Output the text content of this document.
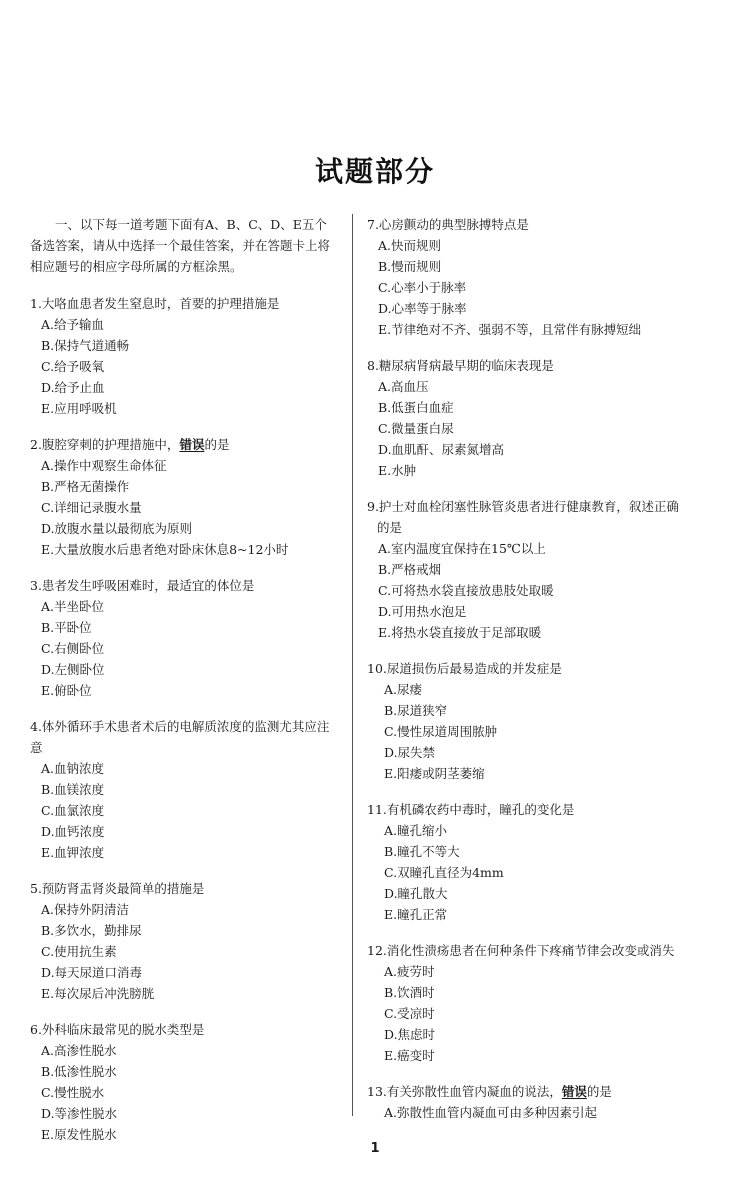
试题部分

一、以下每一道考题下面有A、B、C、D、E五个备选答案，请从中选择一个最佳答案，并在答题卡上将相应题号的相应字母所属的方框涂黑。

1.大咯血患者发生窒息时，首要的护理措施是
A.给予输血
B.保持气道通畅
C.给予吸氧
D.给予止血
E.应用呼吸机
2.腹腔穿刺的护理措施中，错误的是
A.操作中观察生命体征
B.严格无菌操作
C.详细记录腹水量
D.放腹水量以最彻底为原则
E.大量放腹水后患者绝对卧床休息8~12小时
3.患者发生呼吸困难时，最适宜的体位是
A.半坐卧位
B.平卧位
C.右侧卧位
D.左侧卧位
E.俯卧位
4.体外循环手术患者术后的电解质浓度的监测尤其应注意
A.血钠浓度
B.血镁浓度
C.血氯浓度
D.血钙浓度
E.血钾浓度
5.预防肾盂肾炎最简单的措施是
A.保持外阴清洁
B.多饮水，勤排尿
C.使用抗生素
D.每天尿道口消毒
E.每次尿后冲洗膀胱
6.外科临床最常见的脱水类型是
A.高渗性脱水
B.低渗性脱水
C.慢性脱水
D.等渗性脱水
E.原发性脱水
7.心房颤动的典型脉搏特点是
A.快而规则
B.慢而规则
C.心率小于脉率
D.心率等于脉率
E.节律绝对不齐、强弱不等，且常伴有脉搏短绌
8.糖尿病肾病最早期的临床表现是
A.高血压
B.低蛋白血症
C.微量蛋白尿
D.血肌酐、尿素氮增高
E.水肿
9.护士对血栓闭塞性脉管炎患者进行健康教育，叙述正确
的是
A.室内温度宜保持在15℃以上
B.严格戒烟
C.可将热水袋直接放患肢处取暖
D.可用热水泡足
E.将热水袋直接放于足部取暖
10.尿道损伤后最易造成的并发症是
A.尿瘘
B.尿道狭窄
C.慢性尿道周围脓肿
D.尿失禁
E.阳痿或阴茎萎缩
11.有机磷农药中毒时，瞳孔的变化是
A.瞳孔缩小
B.瞳孔不等大
C.双瞳孔直径为4mm
D.瞳孔散大
E.瞳孔正常
12.消化性溃疡患者在何种条件下疼痛节律会改变或消失
A.疲劳时
B.饮酒时
C.受凉时
D.焦虑时
E.癌变时
13.有关弥散性血管内凝血的说法，错误的是
A.弥散性血管内凝血可由多种因素引起
1
